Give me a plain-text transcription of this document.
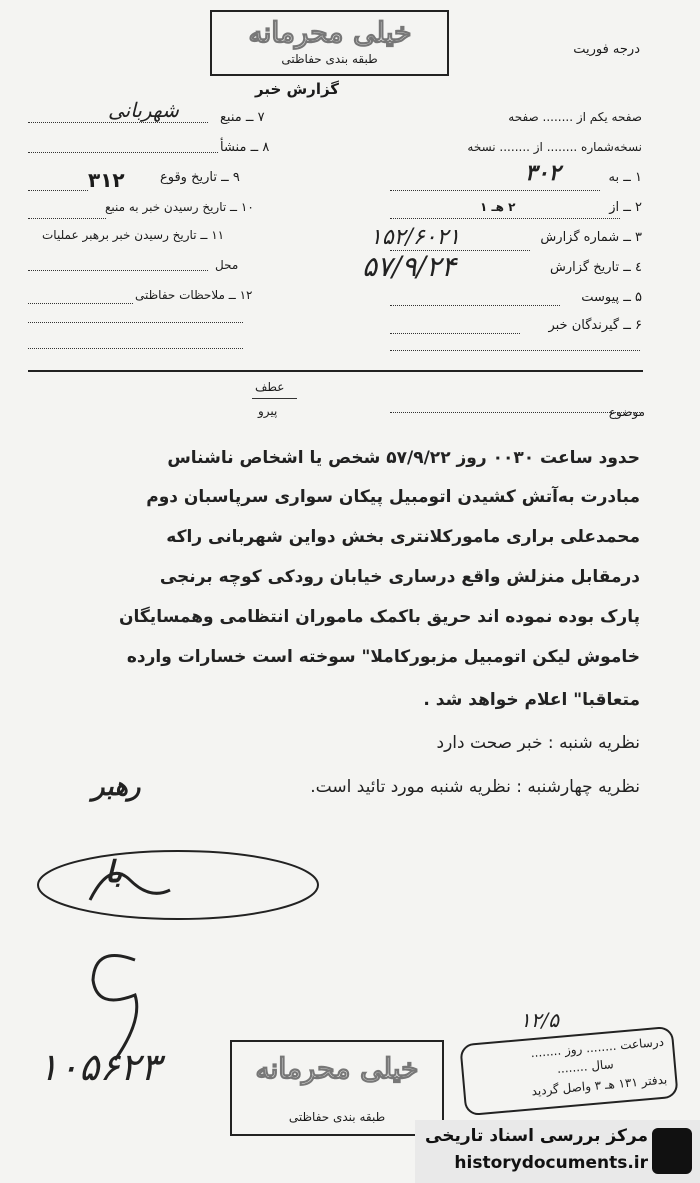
خیلی محرمانه
طبقه بندی حفاظتی
درجه فوریت
گزارش خبر
صفحه یکم از ........ صفحه
نسخه‌شماره ........ از ........ نسخه
۱ ــ به
۳۰۲
۲ ــ از
۲ هـ ۱
۳ ــ شماره گزارش
۱۵۲/۶۰۲۱
٤ ــ تاریخ گزارش
۵۷/۹/۲۴
۵ ــ پیوست
۶ ــ گیرندگان خبر
۷ ــ منبع
شهربانی
۸ ــ منشأ
۹ ــ تاریخ وقوع
۳۱۲
۱۰ ــ تاریخ رسیدن خبر به منبع
۱۱ ــ تاریخ رسیدن خبر برهبر عملیات
محل
۱۲ ــ ملاحظات حفاظتی
عطف
پیرو	موضوع
حدود ساعت ۰۰۳۰ روز ۵۷/۹/۲۲ شخص یا اشخاص ناشناس
مبادرت به‌آتش کشیدن اتومبیل پیکان سواری سرپاسبان دوم
محمدعلی براری مامورکلانتری بخش دواین شهربانی راکه
درمقابل منزلش واقع درساری خیابان رودکی کوچه برنجی
پارک بوده نموده اند حریق باکمک ماموران انتظامی وهمسایگان
خاموش لیکن اتومبیل مزبورکاملا" سوخته است خسارات وارده
متعاقبا" اعلام خواهد شد .
نظریه شنبه : خبر صحت دارد
نظریه چهارشنبه : نظریه شنبه مورد تائید است.
رهبر
با
۱۰۵۶۲۳	خیلی محرمانه
طبقه بندی حفاظتی
درساعت ........ روز ........
سال ........
بدفتر ۱۳۱ هـ ۳ واصل گردید
۱۲/۵
مرکز بررسی اسناد تاریخی
historydocuments.ir
